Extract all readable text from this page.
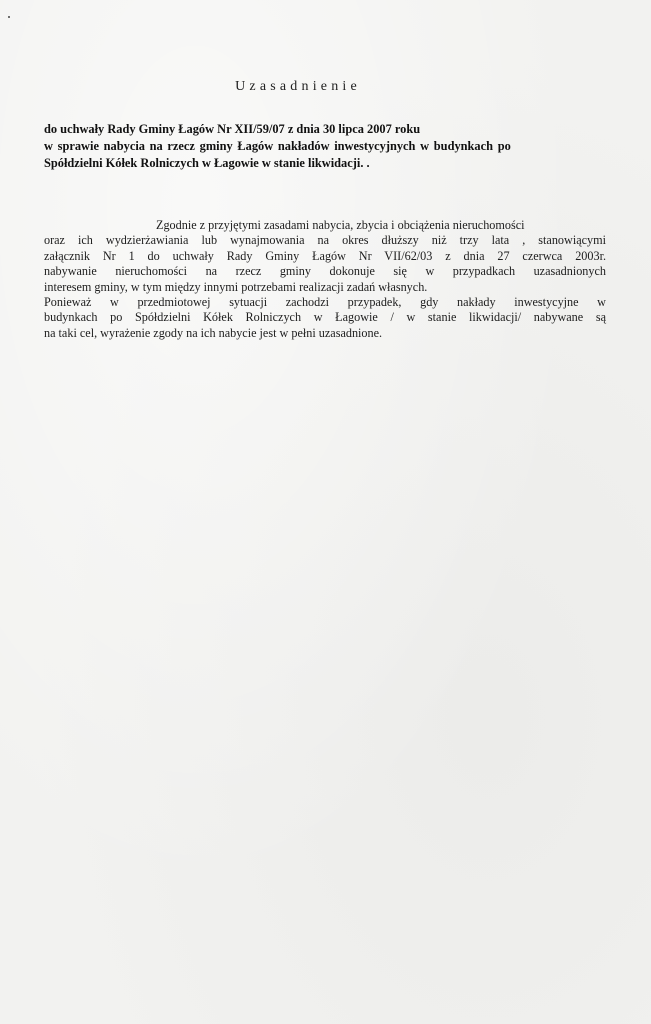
Uzasadnienie
do uchwały Rady Gminy Łagów Nr XII/59/07 z dnia 30 lipca 2007 roku
w sprawie nabycia na rzecz gminy Łagów nakładów inwestycyjnych w budynkach po
Spółdzielni Kółek Rolniczych w Łagowie w stanie likwidacji. .
Zgodnie z przyjętymi zasadami nabycia, zbycia i obciążenia nieruchomości
oraz ich wydzierżawiania lub wynajmowania na okres dłuższy niż trzy lata , stanowiącymi
załącznik Nr 1 do uchwały Rady Gminy Łagów Nr VII/62/03 z dnia 27 czerwca 2003r.
nabywanie nieruchomości na rzecz gminy dokonuje się w przypadkach uzasadnionych
interesem gminy, w tym między innymi potrzebami realizacji zadań własnych.
Ponieważ w przedmiotowej sytuacji zachodzi przypadek, gdy nakłady inwestycyjne w
budynkach po Spółdzielni Kółek Rolniczych w Łagowie / w stanie likwidacji/ nabywane są
na taki cel, wyrażenie zgody na ich nabycie jest w pełni uzasadnione.
